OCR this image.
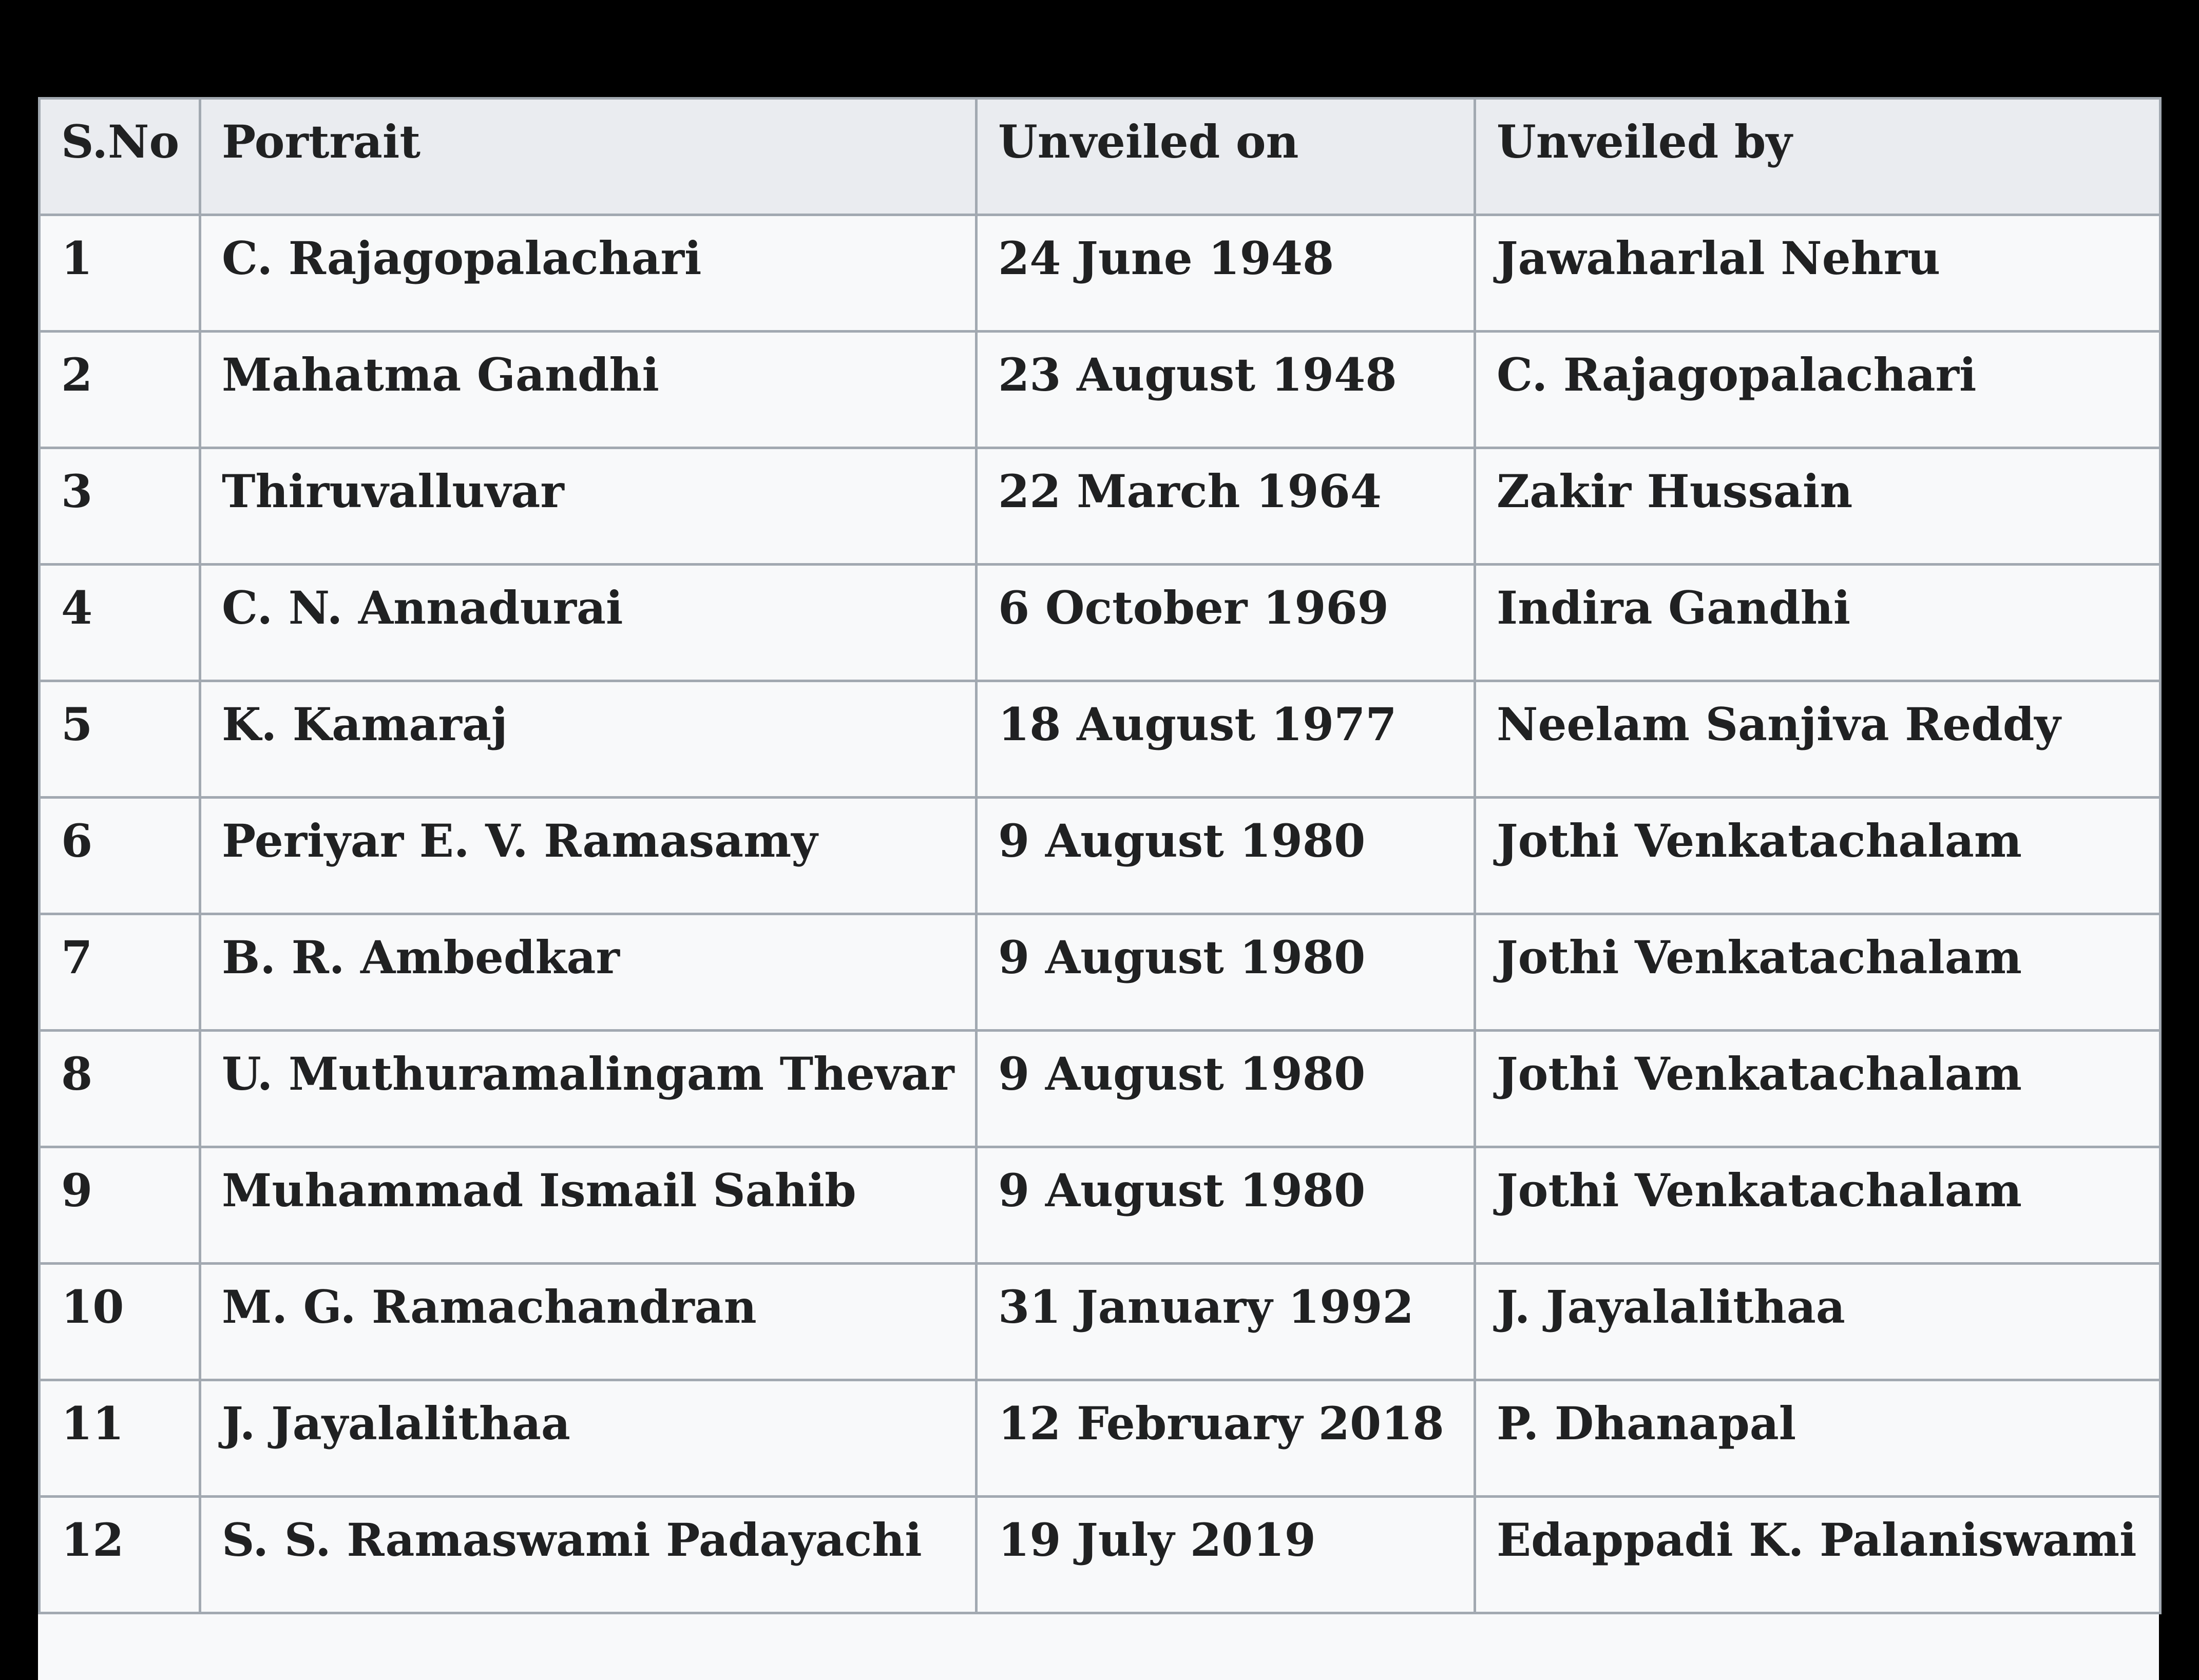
S.No	Portrait	Unveiled on	Unveiled by
1	C. Rajagopalachari	24 June 1948	Jawaharlal Nehru
2	Mahatma Gandhi	23 August 1948	C. Rajagopalachari
3	Thiruvalluvar	22 March 1964	Zakir Hussain
4	C. N. Annadurai	6 October 1969	Indira Gandhi
5	K. Kamaraj	18 August 1977	Neelam Sanjiva Reddy
6	Periyar E. V. Ramasamy	9 August 1980	Jothi Venkatachalam
7	B. R. Ambedkar	9 August 1980	Jothi Venkatachalam
8	U. Muthuramalingam Thevar	9 August 1980	Jothi Venkatachalam
9	Muhammad Ismail Sahib	9 August 1980	Jothi Venkatachalam
10	M. G. Ramachandran	31 January 1992	J. Jayalalithaa
11	J. Jayalalithaa	12 February 2018	P. Dhanapal
12	S. S. Ramaswami Padayachi	19 July 2019	Edappadi K. Palaniswami
